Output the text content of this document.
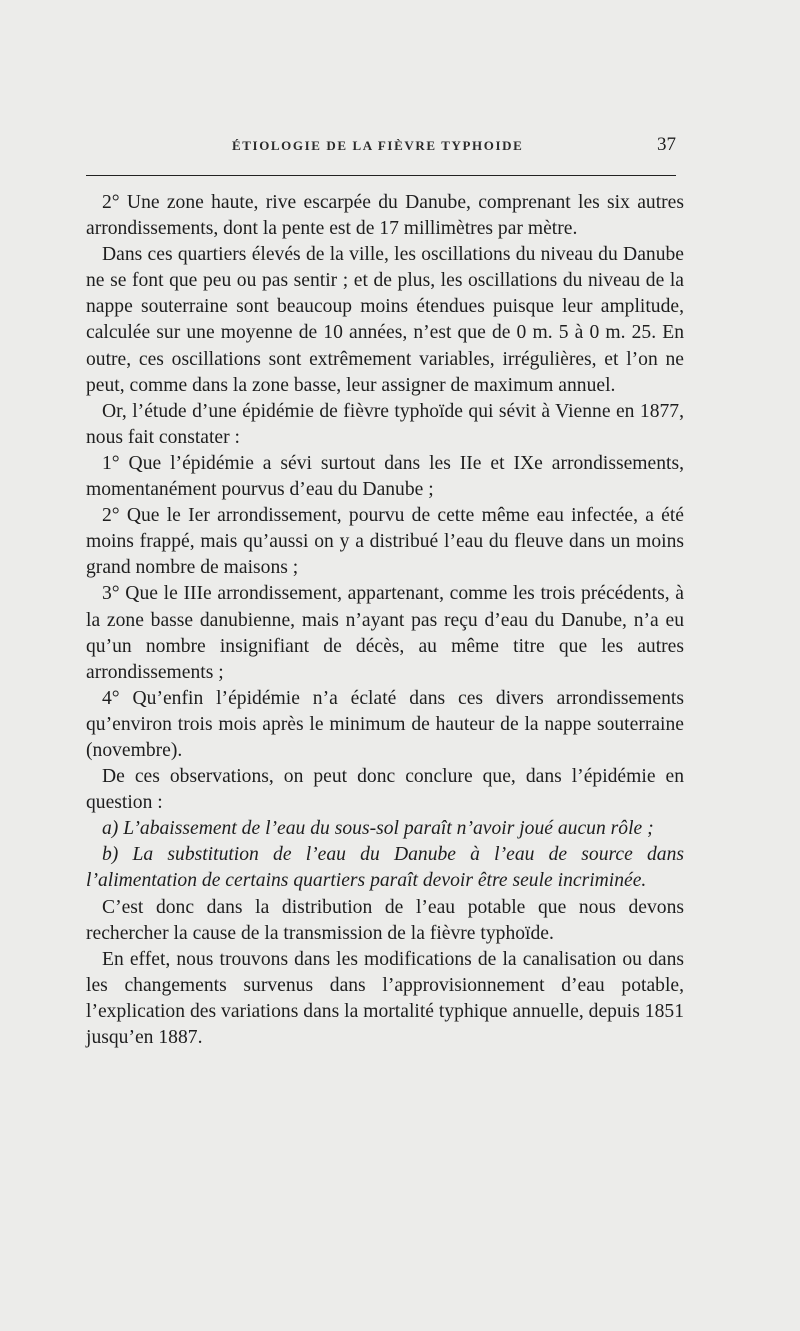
ÉTIOLOGIE DE LA FIÈVRE TYPHOIDE	37

2° Une zone haute, rive escarpée du Danube, comprenant les six autres arrondissements, dont la pente est de 17 millimètres par mètre.

Dans ces quartiers élevés de la ville, les oscillations du niveau du Danube ne se font que peu ou pas sentir ; et de plus, les oscillations du niveau de la nappe souterraine sont beaucoup moins étendues puisque leur amplitude, calculée sur une moyenne de 10 années, n’est que de 0 m. 5 à 0 m. 25. En outre, ces oscillations sont extrêmement variables, irrégulières, et l’on ne peut, comme dans la zone basse, leur assigner de maximum annuel.

Or, l’étude d’une épidémie de fièvre typhoïde qui sévit à Vienne en 1877, nous fait constater :

1° Que l’épidémie a sévi surtout dans les IIe et IXe arrondissements, momentanément pourvus d’eau du Danube ;

2° Que le Ier arrondissement, pourvu de cette même eau infectée, a été moins frappé, mais qu’aussi on y a distribué l’eau du fleuve dans un moins grand nombre de maisons ;

3° Que le IIIe arrondissement, appartenant, comme les trois précédents, à la zone basse danubienne, mais n’ayant pas reçu d’eau du Danube, n’a eu qu’un nombre insignifiant de décès, au même titre que les autres arrondissements ;

4° Qu’enfin l’épidémie n’a éclaté dans ces divers arrondissements qu’environ trois mois après le minimum de hauteur de la nappe souterraine (novembre).

De ces observations, on peut donc conclure que, dans l’épidémie en question :

a) L’abaissement de l’eau du sous-sol paraît n’avoir joué aucun rôle ;

b) La substitution de l’eau du Danube à l’eau de source dans l’alimentation de certains quartiers paraît devoir être seule incriminée.

C’est donc dans la distribution de l’eau potable que nous devons rechercher la cause de la transmission de la fièvre typhoïde.

En effet, nous trouvons dans les modifications de la canalisation ou dans les changements survenus dans l’approvisionnement d’eau potable, l’explication des variations dans la mortalité typhique annuelle, depuis 1851 jusqu’en 1887.
